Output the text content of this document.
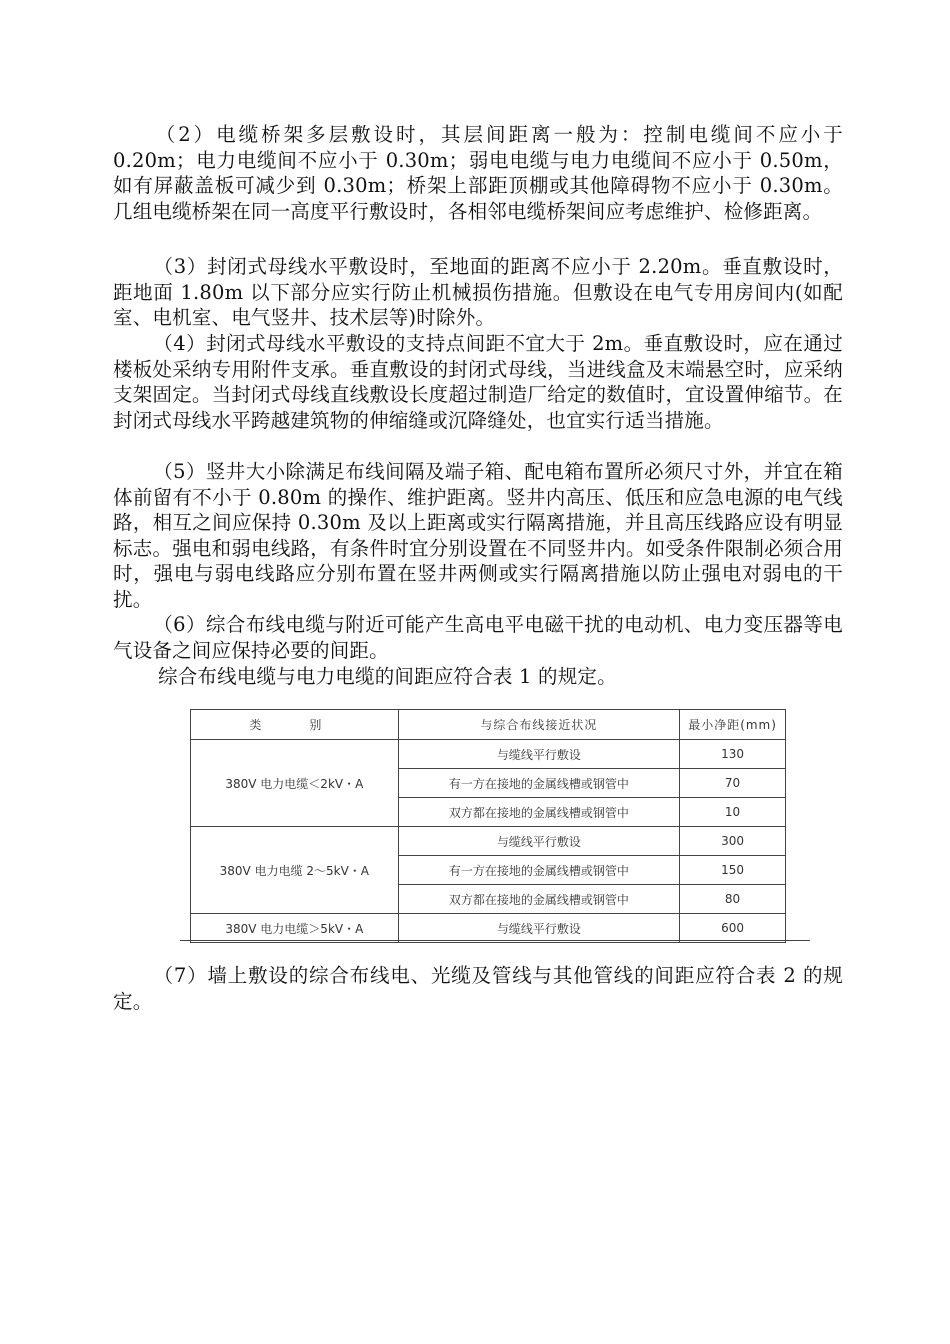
（2）电缆桥架多层敷设时，其层间距离一般为：控制电缆间不应小于 0.20m；电力电缆间不应小于 0.30m；弱电电缆与电力电缆间不应小于 0.50m，如有屏蔽盖板可减少到 0.30m；桥架上部距顶棚或其他障碍物不应小于 0.30m。 几组电缆桥架在同一高度平行敷设时，各相邻电缆桥架间应考虑维护、检修距离。

（3）封闭式母线水平敷设时，至地面的距离不应小于 2.20m。垂直敷设时，距地面 1.80m 以下部分应实行防止机械损伤措施。但敷设在电气专用房间内(如配室、电机室、电气竖井、技术层等)时除外。

（4）封闭式母线水平敷设的支持点间距不宜大于 2m。垂直敷设时，应在通过楼板处采纳专用附件支承。垂直敷设的封闭式母线，当进线盒及末端悬空时，应采纳支架固定。当封闭式母线直线敷设长度超过制造厂给定的数值时，宜设置伸缩节。在封闭式母线水平跨越建筑物的伸缩缝或沉降缝处，也宜实行适当措施。

（5）竖井大小除满足布线间隔及端子箱、配电箱布置所必须尺寸外，并宜在箱体前留有不小于 0.80m 的操作、维护距离。竖井内高压、低压和应急电源的电气线路，相互之间应保持 0.30m 及以上距离或实行隔离措施，并且高压线路应设有明显标志。强电和弱电线路，有条件时宜分别设置在不同竖井内。如受条件限制必须合用时，强电与弱电线路应分别布置在竖井两侧或实行隔离措施以防止强电对弱电的干扰。

（6）综合布线电缆与附近可能产生高电平电磁干扰的电动机、电力变压器等电气设备之间应保持必要的间距。

综合布线电缆与电力电缆的间距应符合表 1 的规定。

类　别	与综合布线接近状况	最小净距(mm)
380V 电力电缆＜2kV・A	与缆线平行敷设	130
	有一方在接地的金属线槽或钢管中	70
	双方都在接地的金属线槽或钢管中	10
380V 电力电缆 2～5kV・A	与缆线平行敷设	300
	有一方在接地的金属线槽或钢管中	150
	双方都在接地的金属线槽或钢管中	80
380V 电力电缆＞5kV・A	与缆线平行敷设	600

（7）墙上敷设的综合布线电、光缆及管线与其他管线的间距应符合表 2 的规定。
